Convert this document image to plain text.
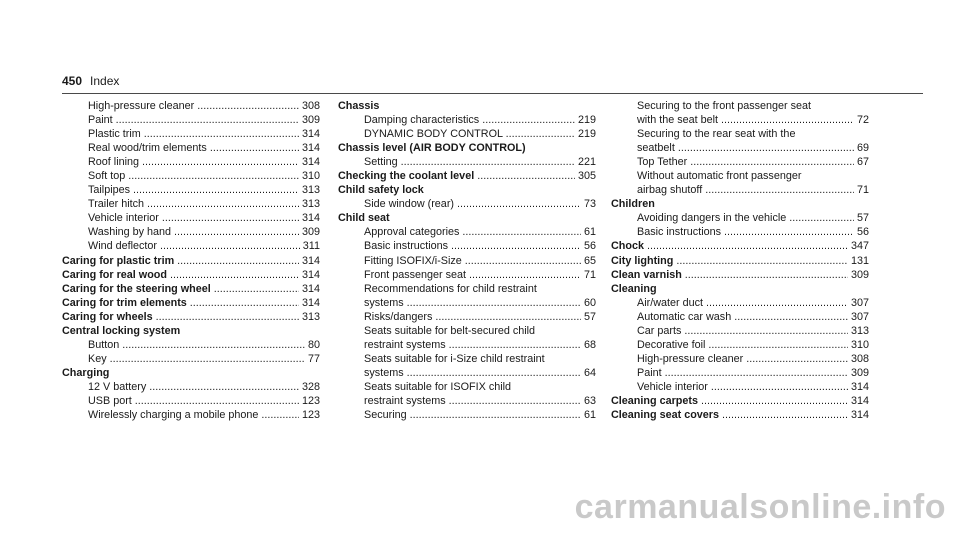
450 Index
High-pressure cleaner .....	308
Paint .....	309
Plastic trim .....	314
Real wood/trim elements .....	314
Roof lining .....	314
Soft top .....	310
Tailpipes .....	313
Trailer hitch .....	313
Vehicle interior .....	314
Washing by hand .....	309
Wind deflector .....	311
Caring for plastic trim .....	314
Caring for real wood .....	314
Caring for the steering wheel .....	314
Caring for trim elements .....	314
Caring for wheels .....	313
Central locking system
Button .....	80
Key .....	77
Charging
12 V battery .....	328
USB port .....	123
Wirelessly charging a mobile phone .....	123
Chassis
Damping characteristics .....	219
DYNAMIC BODY CONTROL .....	219
Chassis level (AIR BODY CONTROL)
Setting .....	221
Checking the coolant level .....	305
Child safety lock
Side window (rear) .....	73
Child seat
Approval categories .....	61
Basic instructions .....	56
Fitting ISOFIX/i-Size .....	65
Front passenger seat .....	71
Recommendations for child restraint
systems .....	60
Risks/dangers .....	57
Seats suitable for belt-secured child
restraint systems .....	68
Seats suitable for i-Size child restraint
systems .....	64
Seats suitable for ISOFIX child
restraint systems .....	63
Securing .....	61
Securing to the front passenger seat
with the seat belt .....	72
Securing to the rear seat with the
seatbelt .....	69
Top Tether .....	67
Without automatic front passenger
airbag shutoff .....	71
Children
Avoiding dangers in the vehicle .....	57
Basic instructions .....	56
Chock .....	347
City lighting .....	131
Clean varnish .....	309
Cleaning
Air/water duct .....	307
Automatic car wash .....	307
Car parts .....	313
Decorative foil .....	310
High-pressure cleaner .....	308
Paint .....	309
Vehicle interior .....	314
Cleaning carpets .....	314
Cleaning seat covers .....	314
carmanualsonline.info
